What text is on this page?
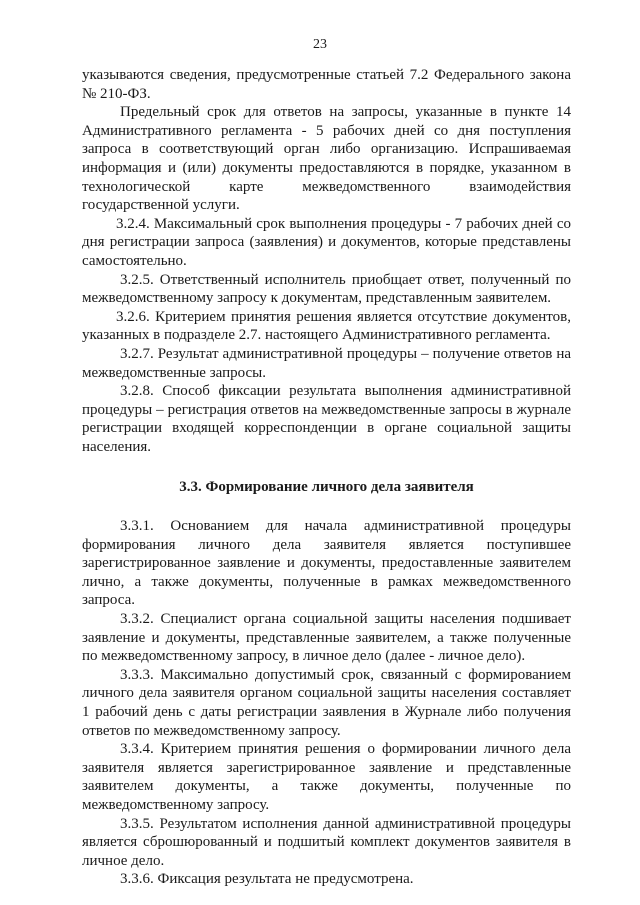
23

указываются сведения, предусмотренные статьей 7.2 Федерального закона № 210-ФЗ.

Предельный срок для ответов на запросы, указанные в пункте 14 Административного регламента - 5 рабочих дней со дня поступления запроса в соответствующий орган либо организацию. Испрашиваемая информация и (или) документы предоставляются в порядке, указанном в технологической карте межведомственного взаимодействия государственной услуги.

3.2.4. Максимальный срок выполнения процедуры - 7 рабочих дней со дня регистрации запроса (заявления) и документов, которые представлены самостоятельно.

3.2.5. Ответственный исполнитель приобщает ответ, полученный по межведомственному запросу к документам, представленным заявителем.

3.2.6. Критерием принятия решения является отсутствие документов, указанных в подразделе 2.7. настоящего Административного регламента.

3.2.7. Результат административной процедуры – получение ответов на межведомственные запросы.

3.2.8. Способ фиксации результата выполнения административной процедуры – регистрация ответов на межведомственные запросы в журнале регистрации входящей корреспонденции в органе социальной защиты населения.

3.3. Формирование личного дела заявителя

3.3.1. Основанием для начала административной процедуры формирования личного дела заявителя является поступившее зарегистрированное заявление и документы, предоставленные заявителем лично, а также документы, полученные в рамках межведомственного запроса.

3.3.2. Специалист органа социальной защиты населения подшивает заявление и документы, представленные заявителем, а также полученные по межведомственному запросу, в личное дело (далее - личное дело).

3.3.3. Максимально допустимый срок, связанный с формированием личного дела заявителя органом социальной защиты населения составляет 1 рабочий день с даты регистрации заявления в Журнале либо получения ответов по межведомственному запросу.

3.3.4. Критерием принятия решения о формировании личного дела заявителя является зарегистрированное заявление и представленные заявителем документы, а также документы, полученные по межведомственному запросу.

3.3.5. Результатом исполнения данной административной процедуры является сброшюрованный и подшитый комплект документов заявителя в личное дело.

3.3.6. Фиксация результата не предусмотрена.
